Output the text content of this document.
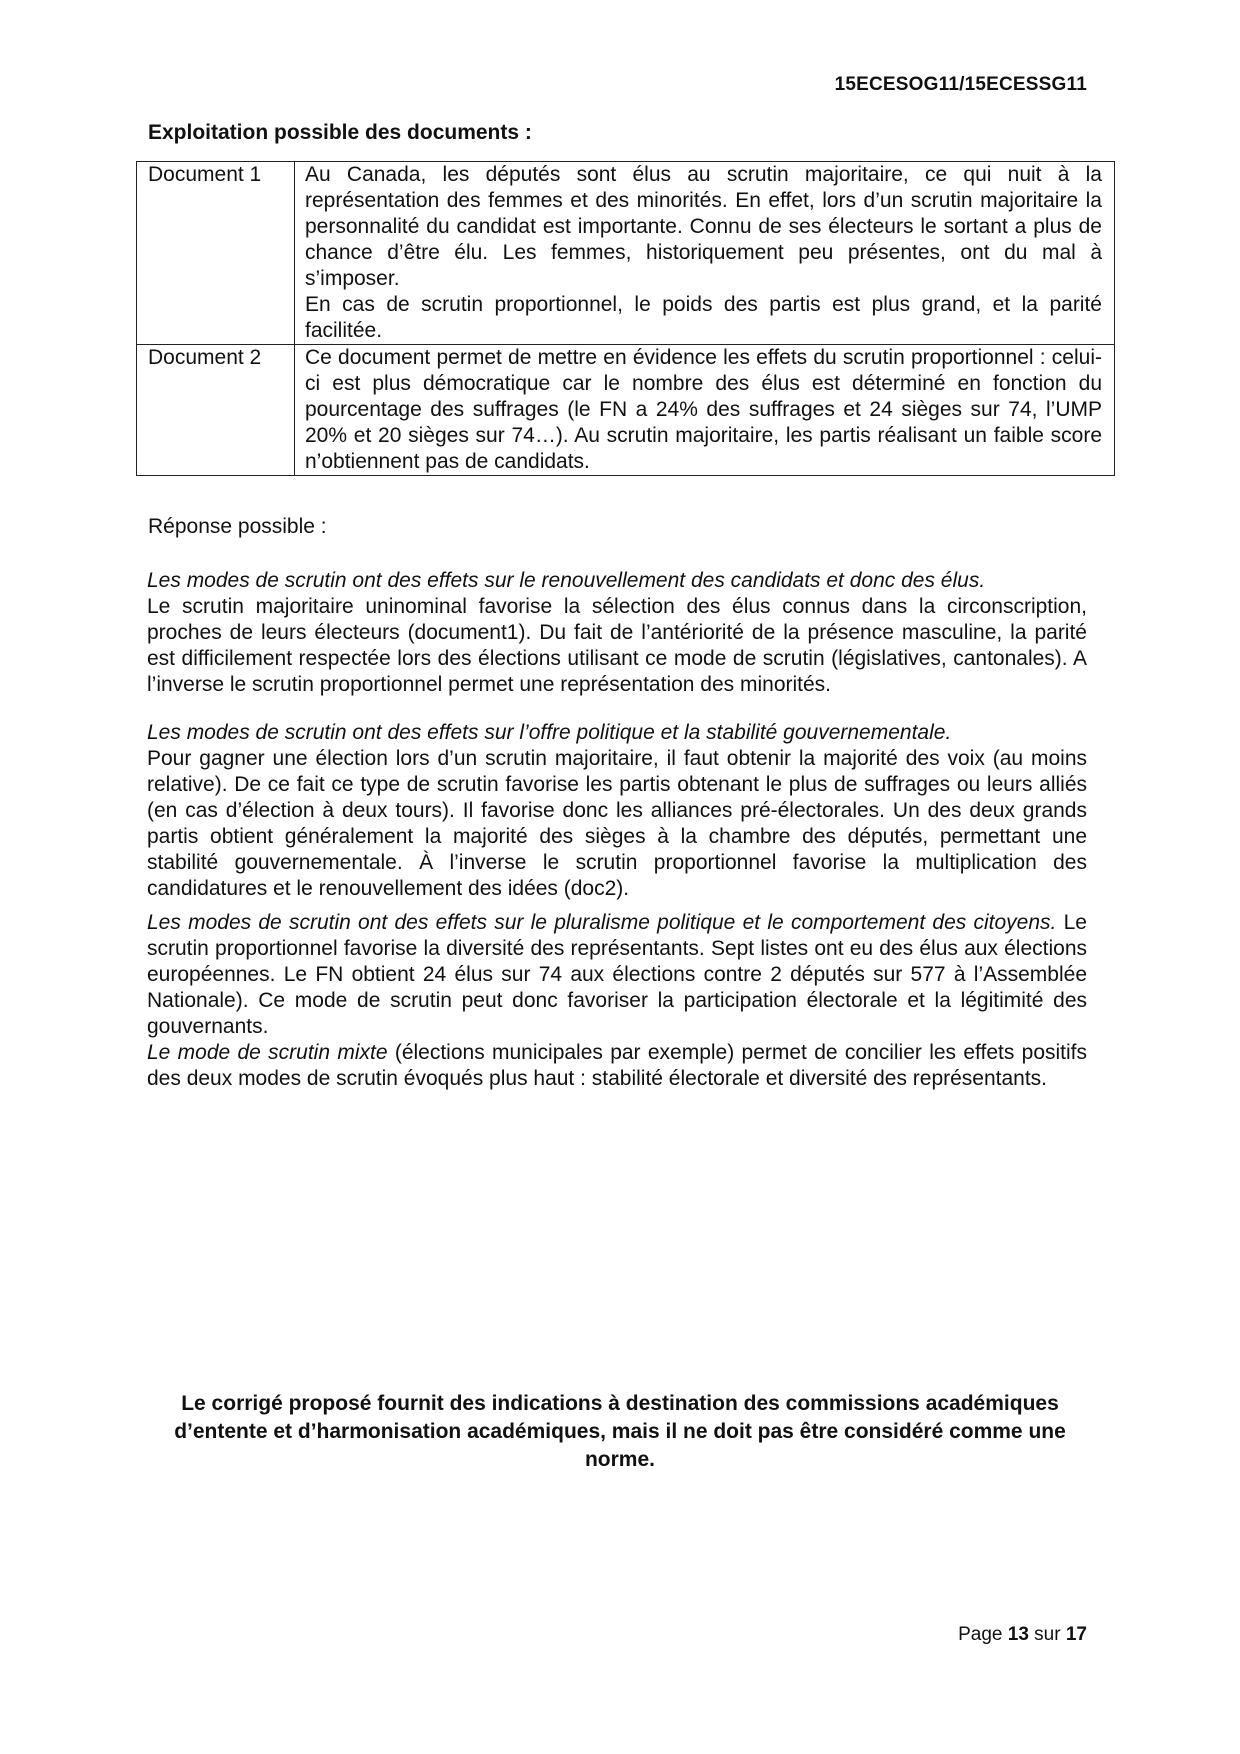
15ECESOG11/15ECESSG11
Exploitation possible des documents :
Document 1	Au Canada, les députés sont élus au scrutin majoritaire, ce qui nuit à la représentation des femmes et des minorités. En effet, lors d’un scrutin majoritaire la personnalité du candidat est importante. Connu de ses électeurs le sortant a plus de chance d’être élu. Les femmes, historiquement peu présentes, ont du mal à s’imposer.

En cas de scrutin proportionnel, le poids des partis est plus grand, et la parité facilitée.

Document 2	Ce document permet de mettre en évidence les effets du scrutin proportionnel : celui-ci est plus démocratique car le nombre des élus est déterminé en fonction du pourcentage des suffrages (le FN a 24% des suffrages et 24 sièges sur 74, l’UMP 20% et 20 sièges sur 74…). Au scrutin majoritaire, les partis réalisant un faible score n’obtiennent pas de candidats.

Réponse possible :

Les modes de scrutin ont des effets sur le renouvellement des candidats et donc des élus.
Le scrutin majoritaire uninominal favorise la sélection des élus connus dans la circonscription, proches de leurs électeurs (document1). Du fait de l’antériorité de la présence masculine, la parité est difficilement respectée lors des élections utilisant ce mode de scrutin (législatives, cantonales). A l’inverse le scrutin proportionnel permet une représentation des minorités.

Les modes de scrutin ont des effets sur l’offre politique et la stabilité gouvernementale.
Pour gagner une élection lors d’un scrutin majoritaire, il faut obtenir la majorité des voix (au moins relative). De ce fait ce type de scrutin favorise les partis obtenant le plus de suffrages ou leurs alliés (en cas d’élection à deux tours). Il favorise donc les alliances pré-électorales. Un des deux grands partis obtient généralement la majorité des sièges à la chambre des députés, permettant une stabilité gouvernementale. À l’inverse le scrutin proportionnel favorise la multiplication des candidatures et le renouvellement des idées (doc2).

Les modes de scrutin ont des effets sur le pluralisme politique et le comportement des citoyens. Le scrutin proportionnel favorise la diversité des représentants. Sept listes ont eu des élus aux élections européennes. Le FN obtient 24 élus sur 74 aux élections contre 2 députés sur 577 à l’Assemblée Nationale). Ce mode de scrutin peut donc favoriser la participation électorale et la légitimité des gouvernants.

Le mode de scrutin mixte (élections municipales par exemple) permet de concilier les effets positifs des deux modes de scrutin évoqués plus haut : stabilité électorale et diversité des représentants.

Le corrigé proposé fournit des indications à destination des commissions académiques d’entente et d’harmonisation académiques, mais il ne doit pas être considéré comme une norme.
Page 13 sur 17
